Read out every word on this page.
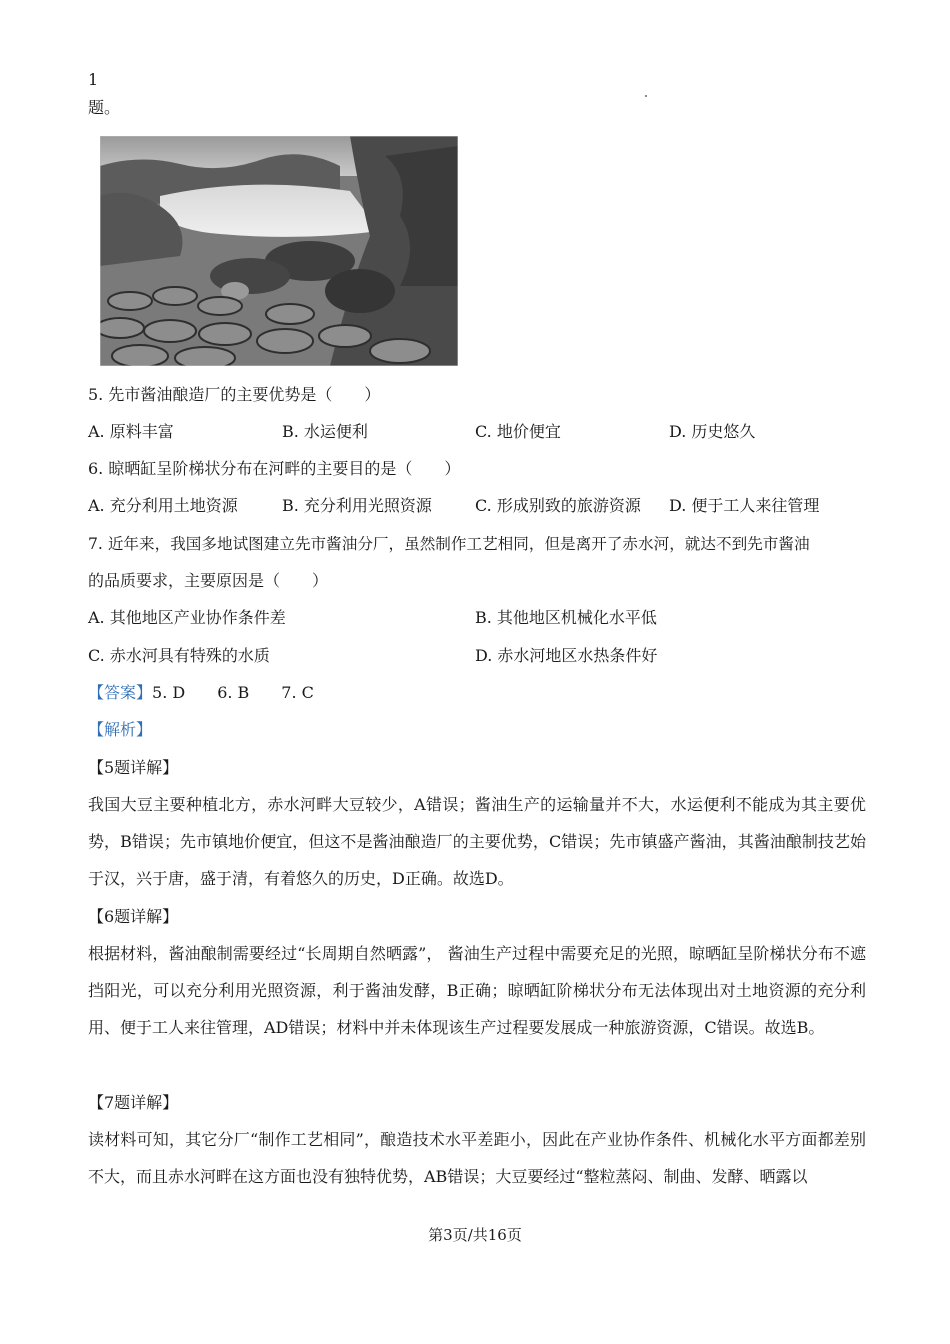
1
题。
5. 先市酱油酿造厂的主要优势是（　　）
A. 原料丰富	B. 水运便利	C. 地价便宜	D. 历史悠久
6. 晾晒缸呈阶梯状分布在河畔的主要目的是（　　）
A. 充分利用土地资源	B. 充分利用光照资源	C. 形成别致的旅游资源 D. 便于工人来往管理
7. 近年来，我国多地试图建立先市酱油分厂，虽然制作工艺相同，但是离开了赤水河，就达不到先市酱油
的品质要求，主要原因是（　　）
A. 其他地区产业协作条件差	B. 其他地区机械化水平低
C. 赤水河具有特殊的水质	D. 赤水河地区水热条件好
【答案】5. D　　6. B　　7. C
【解析】
【5题详解】
我国大豆主要种植北方，赤水河畔大豆较少，A错误；酱油生产的运输量并不大，水运便利不能成为其主要优势，B错误；先市镇地价便宜，但这不是酱油酿造厂的主要优势，C错误；先市镇盛产酱油，其酱油酿制技艺始于汉，兴于唐，盛于清，有着悠久的历史，D正确。故选D。
【6题详解】
根据材料，酱油酿制需要经过“长周期自然晒露”， 酱油生产过程中需要充足的光照，晾晒缸呈阶梯状分布不遮挡阳光，可以充分利用光照资源，利于酱油发酵，B正确；晾晒缸阶梯状分布无法体现出对土地资源的充分利用、便于工人来往管理，AD错误；材料中并未体现该生产过程要发展成一种旅游资源，C错误。故选B。
【7题详解】
读材料可知，其它分厂“制作工艺相同”，酿造技术水平差距小，因此在产业协作条件、机械化水平方面都差别不大，而且赤水河畔在这方面也没有独特优势，AB错误；大豆要经过“整粒蒸闷、制曲、发酵、晒露以
第3页/共16页
